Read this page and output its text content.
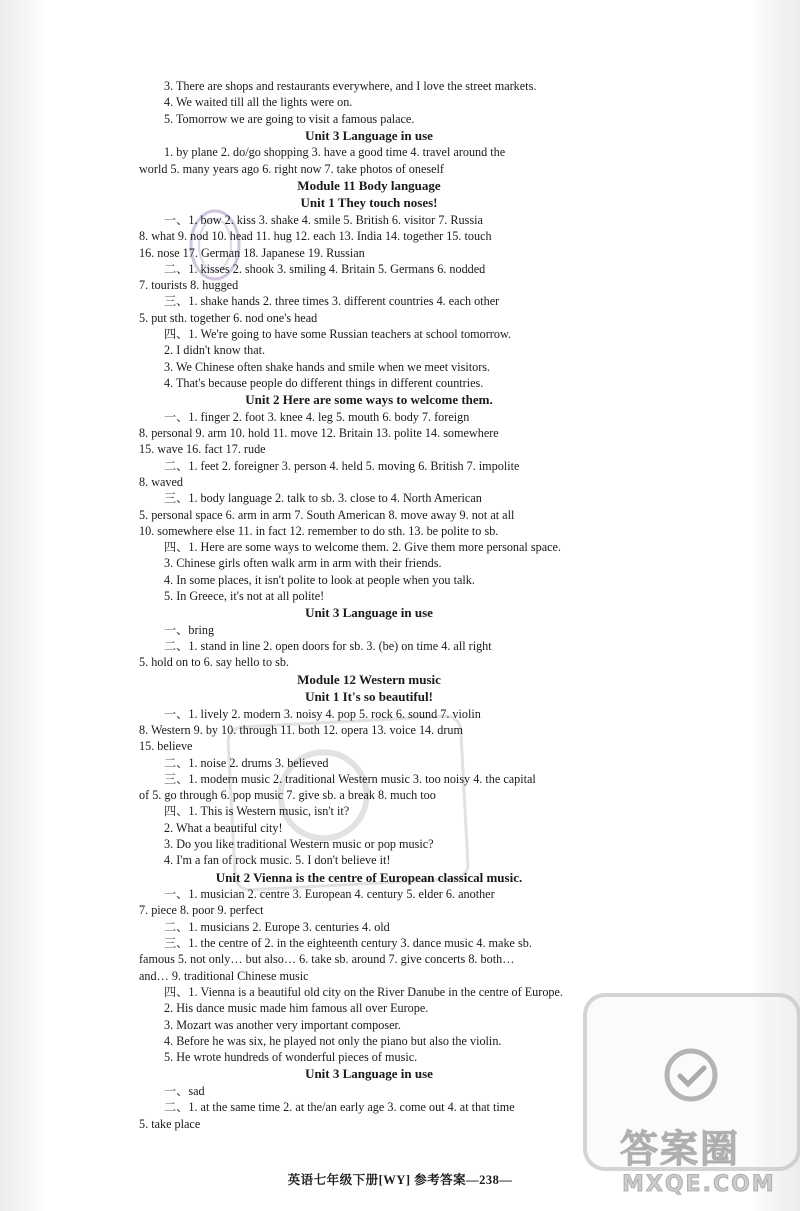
3. There are shops and restaurants everywhere, and I love the street markets.
4. We waited till all the lights were on.
5. Tomorrow we are going to visit a famous palace.
Unit 3 Language in use
1. by plane 2. do/go shopping 3. have a good time 4. travel around the
world 5. many years ago 6. right now 7. take photos of oneself
Module 11 Body language
Unit 1 They touch noses!
一、1. bow 2. kiss 3. shake 4. smile 5. British 6. visitor 7. Russia
8. what 9. nod 10. head 11. hug 12. each 13. India 14. together 15. touch
16. nose 17. German 18. Japanese 19. Russian
二、1. kisses 2. shook 3. smiling 4. Britain 5. Germans 6. nodded
7. tourists 8. hugged
三、1. shake hands 2. three times 3. different countries 4. each other
5. put sth. together 6. nod one's head
四、1. We're going to have some Russian teachers at school tomorrow.
2. I didn't know that.
3. We Chinese often shake hands and smile when we meet visitors.
4. That's because people do different things in different countries.
Unit 2 Here are some ways to welcome them.
一、1. finger 2. foot 3. knee 4. leg 5. mouth 6. body 7. foreign
8. personal 9. arm 10. hold 11. move 12. Britain 13. polite 14. somewhere
15. wave 16. fact 17. rude
二、1. feet 2. foreigner 3. person 4. held 5. moving 6. British 7. impolite
8. waved
三、1. body language 2. talk to sb. 3. close to 4. North American
5. personal space 6. arm in arm 7. South American 8. move away 9. not at all
10. somewhere else 11. in fact 12. remember to do sth. 13. be polite to sb.
四、1. Here are some ways to welcome them. 2. Give them more personal space.
3. Chinese girls often walk arm in arm with their friends.
4. In some places, it isn't polite to look at people when you talk.
5. In Greece, it's not at all polite!
Unit 3 Language in use
一、bring
二、1. stand in line 2. open doors for sb. 3. (be) on time 4. all right
5. hold on to 6. say hello to sb.
Module 12 Western music
Unit 1 It's so beautiful!
一、1. lively 2. modern 3. noisy 4. pop 5. rock 6. sound 7. violin
8. Western 9. by 10. through 11. both 12. opera 13. voice 14. drum
15. believe
二、1. noise 2. drums 3. believed
三、1. modern music 2. traditional Western music 3. too noisy 4. the capital
of 5. go through 6. pop music 7. give sb. a break 8. much too
四、1. This is Western music, isn't it?
2. What a beautiful city!
3. Do you like traditional Western music or pop music?
4. I'm a fan of rock music. 5. I don't believe it!
Unit 2 Vienna is the centre of European classical music.
一、1. musician 2. centre 3. European 4. century 5. elder 6. another
7. piece 8. poor 9. perfect
二、1. musicians 2. Europe 3. centuries 4. old
三、1. the centre of 2. in the eighteenth century 3. dance music 4. make sb.
famous 5. not only… but also… 6. take sb. around 7. give concerts 8. both…
and… 9. traditional Chinese music
四、1. Vienna is a beautiful old city on the River Danube in the centre of Europe.
2. His dance music made him famous all over Europe.
3. Mozart was another very important composer.
4. Before he was six, he played not only the piano but also the violin.
5. He wrote hundreds of wonderful pieces of music.
Unit 3 Language in use
一、sad
二、1. at the same time 2. at the/an early age 3. come out 4. at that time
5. take place
英语七年级下册[WY] 参考答案—238—
答案圈
MXQE.COM
